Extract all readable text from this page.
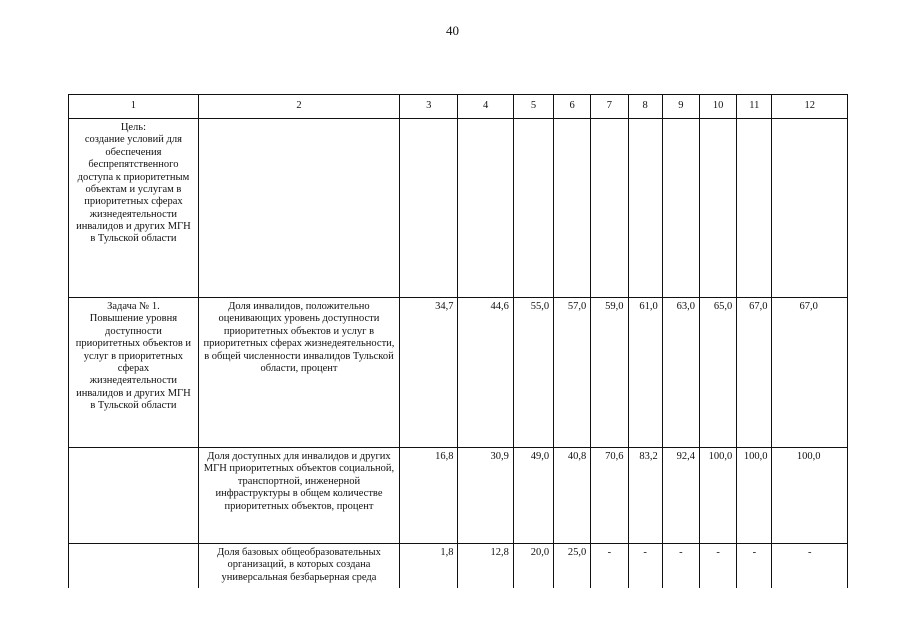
40
1	2	3	4	5	6	7	8	9	10	11	12
Цель:
создание условий для обеспечения беспрепятственного доступа к приоритетным объектам и услугам в приоритетных сферах жизнедеятельности инвалидов и других МГН в Тульской области											
Задача № 1.
Повышение уровня доступности приоритетных объектов и услуг в приоритетных сферах жизнедеятельности инвалидов и других МГН в Тульской области	Доля инвалидов, положительно оценивающих уровень доступности приоритетных объектов и услуг в приоритетных сферах жизнедеятельности, в общей численности инвалидов Тульской области, процент	34,7	44,6	55,0	57,0	59,0	61,0	63,0	65,0	67,0	67,0
	Доля доступных для инвалидов и других МГН приоритетных объектов социальной, транспортной, инженерной инфраструктуры в общем количестве приоритетных объектов, процент	16,8	30,9	49,0	40,8	70,6	83,2	92,4	100,0	100,0	100,0
	Доля базовых общеобразовательных организаций, в которых создана универсальная безбарьерная среда	1,8	12,8	20,0	25,0	-	-	-	-	-	-
